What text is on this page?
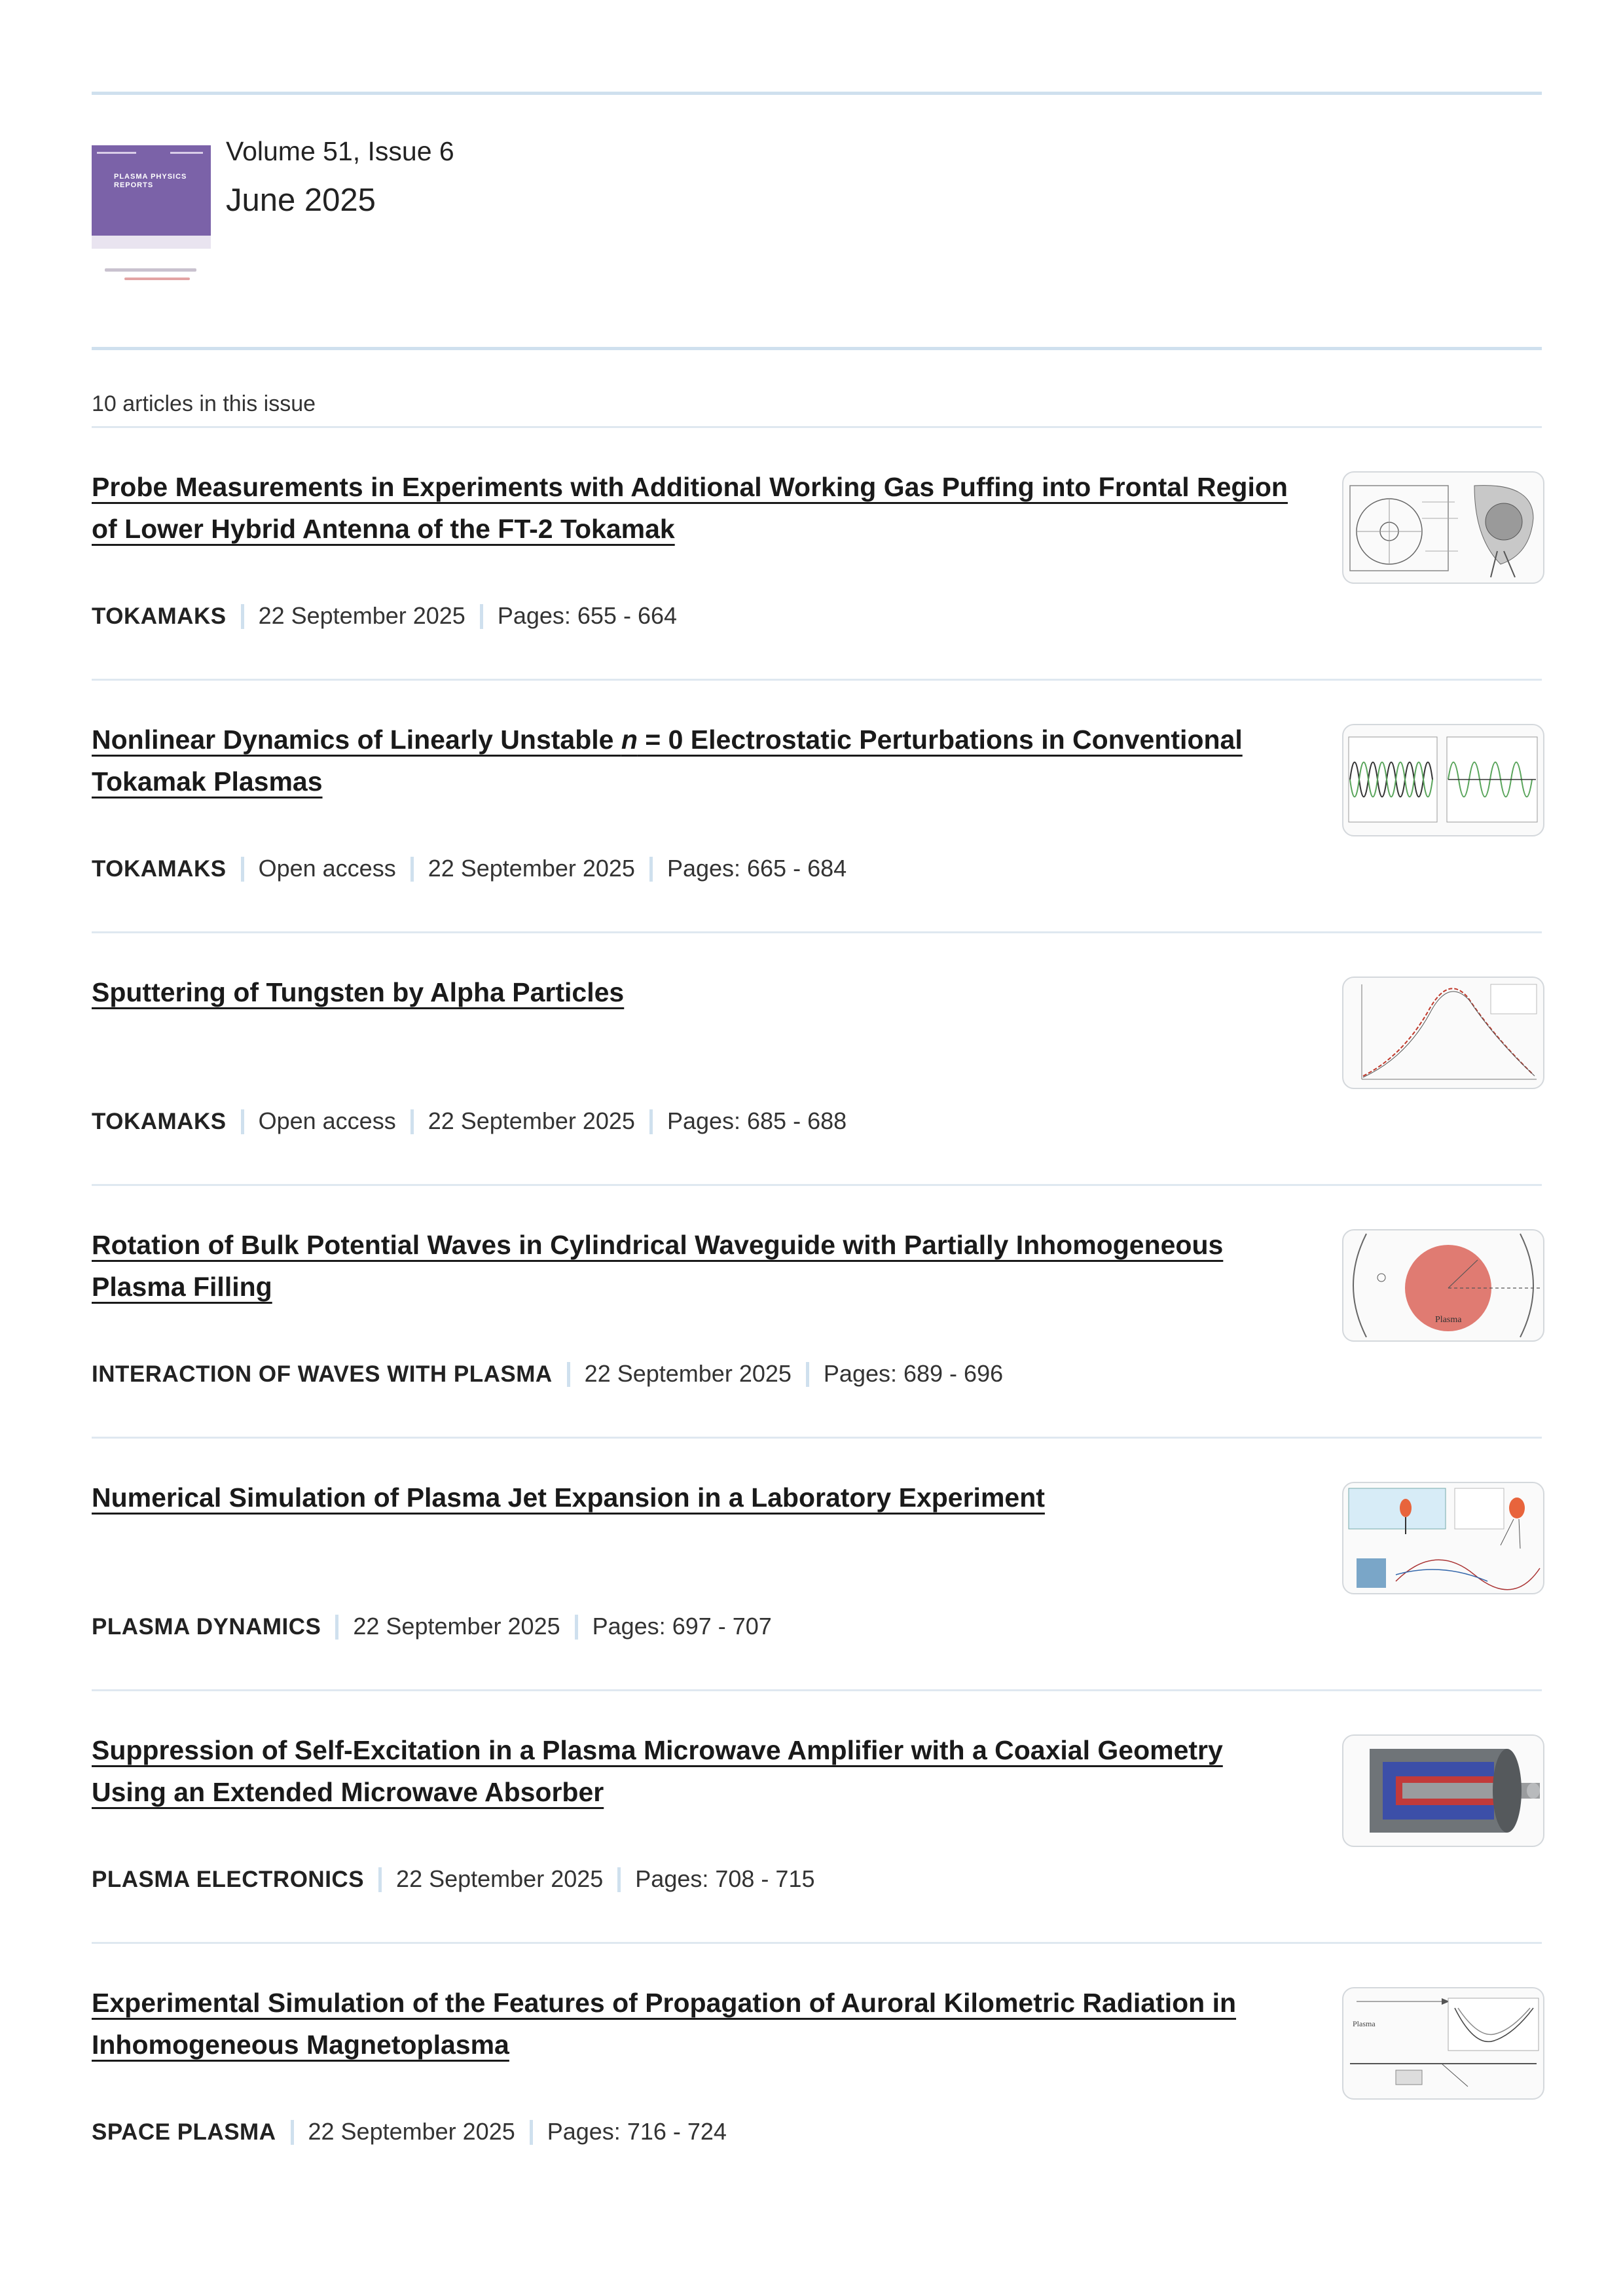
PLASMA PHYSICS REPORTS
Volume 51, Issue 6
June 2025
10 articles in this issue
Probe Measurements in Experiments with Additional Working Gas Puffing into Frontal Region of Lower Hybrid Antenna of the FT-2 Tokamak
TOKAMAKS 22 September 2025 Pages: 655 - 664
Nonlinear Dynamics of Linearly Unstable n = 0 Electrostatic Perturbations in Conventional Tokamak Plasmas
TOKAMAKS Open access 22 September 2025 Pages: 665 - 684
Sputtering of Tungsten by Alpha Particles
TOKAMAKS Open access 22 September 2025 Pages: 685 - 688
Rotation of Bulk Potential Waves in Cylindrical Waveguide with Partially Inhomogeneous Plasma Filling
INTERACTION OF WAVES WITH PLASMA 22 September 2025 Pages: 689 - 696
Plasma
Numerical Simulation of Plasma Jet Expansion in a Laboratory Experiment
PLASMA DYNAMICS 22 September 2025 Pages: 697 - 707
Suppression of Self-Excitation in a Plasma Microwave Amplifier with a Coaxial Geometry Using an Extended Microwave Absorber
PLASMA ELECTRONICS 22 September 2025 Pages: 708 - 715
Experimental Simulation of the Features of Propagation of Auroral Kilometric Radiation in Inhomogeneous Magnetoplasma
SPACE PLASMA 22 September 2025 Pages: 716 - 724
Plasma
